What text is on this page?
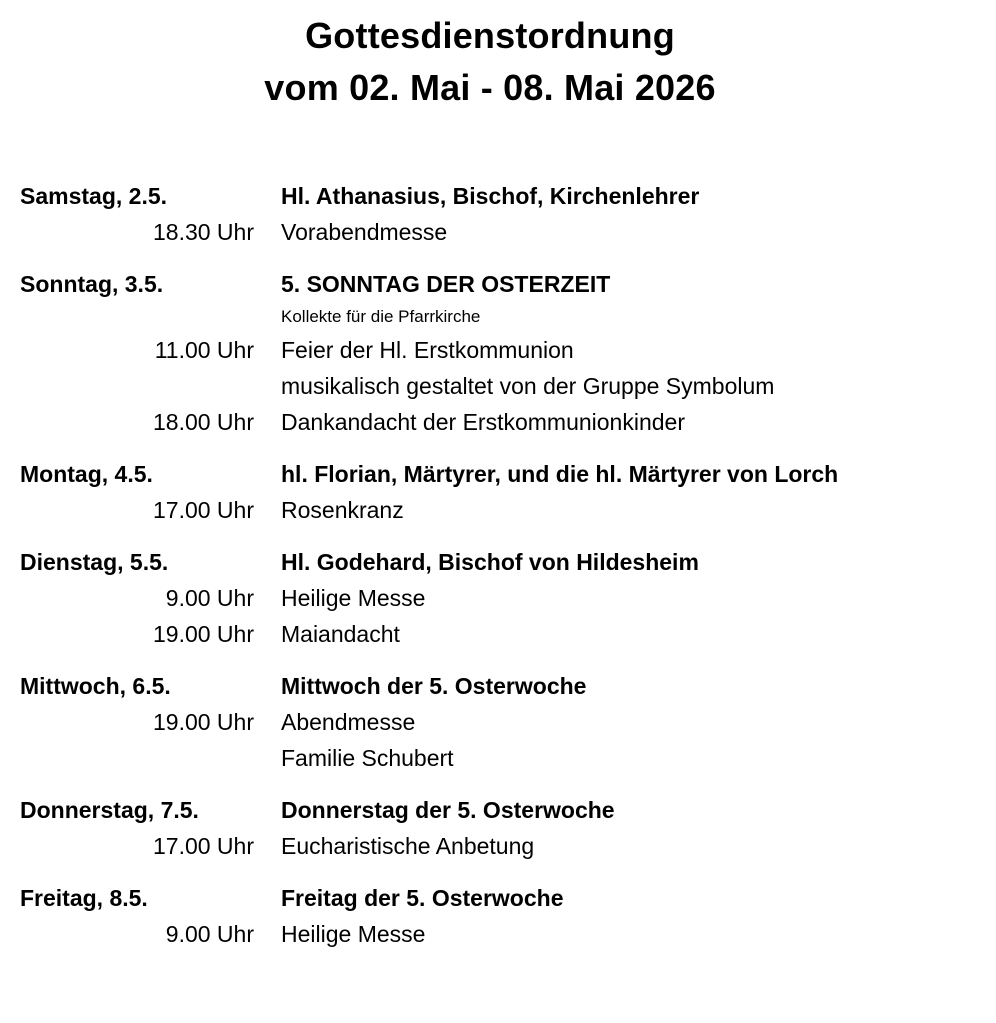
Gottesdienstordnung
vom 02. Mai - 08. Mai 2026
Samstag, 2.5.	Hl. Athanasius, Bischof, Kirchenlehrer
18.30 Uhr Vorabendmesse
Sonntag, 3.5.	5. SONNTAG DER OSTERZEIT
Kollekte für die Pfarrkirche
11.00 Uhr Feier der Hl. Erstkommunion
musikalisch gestaltet von der Gruppe Symbolum
18.00 Uhr Dankandacht der Erstkommunionkinder
Montag, 4.5.	hl. Florian, Märtyrer, und die hl. Märtyrer von Lorch
17.00 Uhr Rosenkranz
Dienstag, 5.5.	Hl. Godehard, Bischof von Hildesheim
9.00 Uhr Heilige Messe
19.00 Uhr Maiandacht
Mittwoch, 6.5.	Mittwoch der 5. Osterwoche
19.00 Uhr Abendmesse
Familie Schubert
Donnerstag, 7.5.	Donnerstag der 5. Osterwoche
17.00 Uhr Eucharistische Anbetung
Freitag, 8.5.	Freitag der 5. Osterwoche
9.00 Uhr Heilige Messe
